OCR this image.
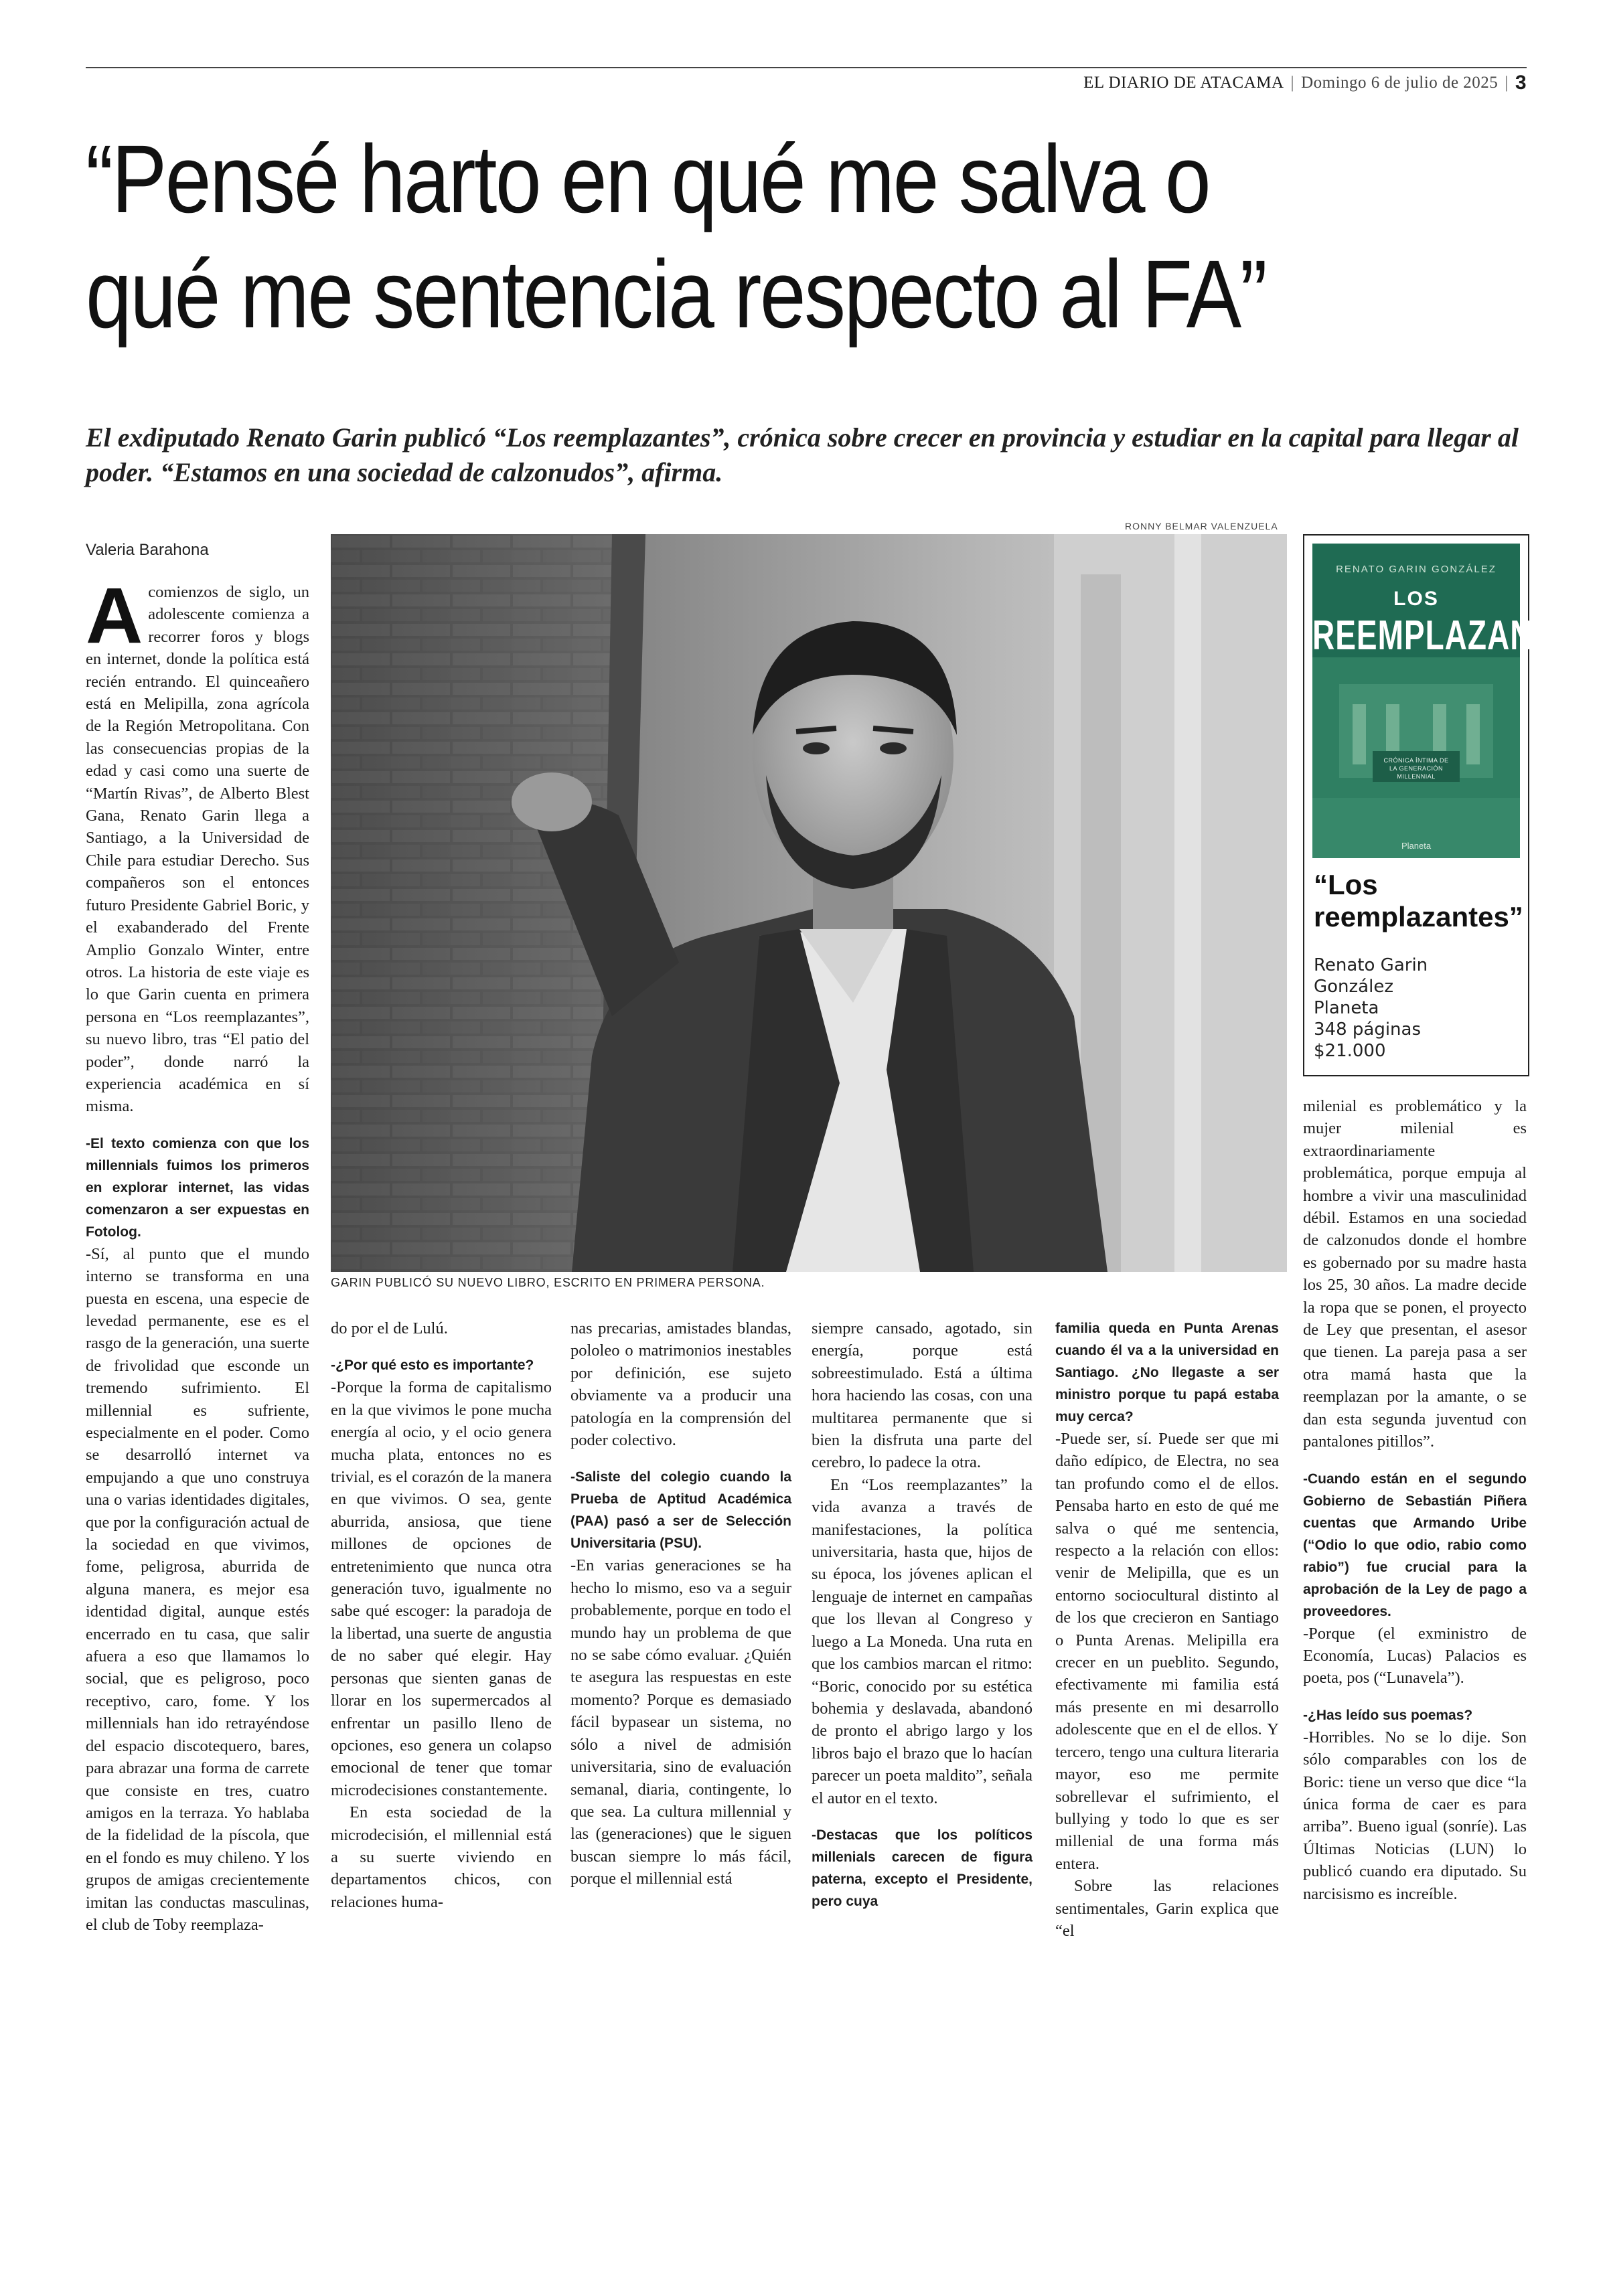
EL DIARIO DE ATACAMA | Domingo 6 de julio de 2025 | 3
“Pensé harto en qué me salva o
qué me sentencia respecto al FA”
El exdiputado Renato Garin publicó “Los reemplazantes”, crónica sobre crecer en provincia y estudiar en la capital para llegar al poder. “Estamos en una sociedad de calzonudos”, afirma.
Valeria Barahona
RONNY BELMAR VALENZUELA
GARIN PUBLICÓ SU NUEVO LIBRO, ESCRITO EN PRIMERA PERSONA.
RENATO GARIN GONZÁLEZ
LOS
REEMPLAZANTES
CRÓNICA ÍNTIMA DE LA GENERACIÓN MILLENNIAL
Planeta
“Los reemplazantes”
Renato Garin
González
Planeta
348 páginas
$21.000

Acomienzos de siglo, un adolescente comienza a recorrer foros y blogs en internet, donde la política está recién entrando. El quinceañero está en Melipilla, zona agrícola de la Región Metropolitana. Con las consecuencias propias de la edad y casi como una suerte de “Martín Rivas”, de Alberto Blest Gana, Renato Garin llega a Santiago, a la Universidad de Chile para estudiar Derecho. Sus compañeros son el entonces futuro Presidente Gabriel Boric, y el exabanderado del Frente Amplio Gonzalo Winter, entre otros. La historia de este viaje es lo que Garin cuenta en primera persona en “Los reemplazantes”, su nuevo libro, tras “El patio del poder”, donde narró la experiencia académica en sí misma.

-El texto comienza con que los millennials fuimos los primeros en explorar internet, las vidas comenzaron a ser expuestas en Fotolog.

-Sí, al punto que el mundo interno se transforma en una puesta en escena, una especie de levedad permanente, ese es el rasgo de la generación, una suerte de frivolidad que esconde un tremendo sufrimiento. El millennial es sufriente, especialmente en el poder. Como se desarrolló internet va empujando a que uno construya una o varias identidades digitales, que por la configuración actual de la sociedad en que vivimos, fome, peligrosa, aburrida de alguna manera, es mejor esa identidad digital, aunque estés encerrado en tu casa, que salir afuera a eso que llamamos lo social, que es peligroso, poco receptivo, caro, fome. Y los millennials han ido retrayéndose del espacio discotequero, bares, para abrazar una forma de carrete que consiste en tres, cuatro amigos en la terraza. Yo hablaba de la fidelidad de la píscola, que en el fondo es muy chileno. Y los grupos de amigas crecientemente imitan las conductas masculinas, el club de Toby reemplaza-

do por el de Lulú.

-¿Por qué esto es importante?

-Porque la forma de capitalismo en la que vivimos le pone mucha energía al ocio, y el ocio genera mucha plata, entonces no es trivial, es el corazón de la manera en que vivimos. O sea, gente aburrida, ansiosa, que tiene millones de opciones de entretenimiento que nunca otra generación tuvo, igualmente no sabe qué escoger: la paradoja de la libertad, una suerte de angustia de no saber qué elegir. Hay personas que sienten ganas de llorar en los supermercados al enfrentar un pasillo lleno de opciones, eso genera un colapso emocional de tener que tomar microdecisiones constantemente.

En esta sociedad de la microdecisión, el millennial está a su suerte viviendo en departamentos chicos, con relaciones huma-

nas precarias, amistades blandas, pololeo o matrimonios inestables por definición, ese sujeto obviamente va a producir una patología en la comprensión del poder colectivo.

-Saliste del colegio cuando la Prueba de Aptitud Académica (PAA) pasó a ser de Selección Universitaria (PSU).

-En varias generaciones se ha hecho lo mismo, eso va a seguir probablemente, porque en todo el mundo hay un problema de que no se sabe cómo evaluar. ¿Quién te asegura las respuestas en este momento? Porque es demasiado fácil bypasear un sistema, no sólo a nivel de admisión universitaria, sino de evaluación semanal, diaria, contingente, lo que sea. La cultura millennial y las (generaciones) que le siguen buscan siempre lo más fácil, porque el millennial está

siempre cansado, agotado, sin energía, porque está sobreestimulado. Está a última hora haciendo las cosas, con una multitarea permanente que si bien la disfruta una parte del cerebro, lo padece la otra.

En “Los reemplazantes” la vida avanza a través de manifestaciones, la política universitaria, hasta que, hijos de su época, los jóvenes aplican el lenguaje de internet en campañas que los llevan al Congreso y luego a La Moneda. Una ruta en que los cambios marcan el ritmo: “Boric, conocido por su estética bohemia y deslavada, abandonó de pronto el abrigo largo y los libros bajo el brazo que lo hacían parecer un poeta maldito”, señala el autor en el texto.

-Destacas que los políticos millenials carecen de figura paterna, excepto el Presidente, pero cuya

familia queda en Punta Arenas cuando él va a la universidad en Santiago. ¿No llegaste a ser ministro porque tu papá estaba muy cerca?

-Puede ser, sí. Puede ser que mi daño edípico, de Electra, no sea tan profundo como el de ellos. Pensaba harto en esto de qué me salva o qué me sentencia, respecto a la relación con ellos: venir de Melipilla, que es un entorno sociocultural distinto al de los que crecieron en Santiago o Punta Arenas. Melipilla era crecer en un pueblito. Segundo, efectivamente mi familia está más presente en mi desarrollo adolescente que en el de ellos. Y tercero, tengo una cultura literaria mayor, eso me permite sobrellevar el sufrimiento, el bullying y todo lo que es ser millenial de una forma más entera.

Sobre las relaciones sentimentales, Garin explica que “el

milenial es problemático y la mujer milenial es extraordinariamente problemática, porque empuja al hombre a vivir una masculinidad débil. Estamos en una sociedad de calzonudos donde el hombre es gobernado por su madre hasta los 25, 30 años. La madre decide la ropa que se ponen, el proyecto de Ley que presentan, el asesor que tienen. La pareja pasa a ser otra mamá hasta que la reemplazan por la amante, o se dan esta segunda juventud con pantalones pitillos”.

-Cuando están en el segundo Gobierno de Sebastián Piñera cuentas que Armando Uribe (“Odio lo que odio, rabio como rabio”) fue crucial para la aprobación de la Ley de pago a proveedores.

-Porque (el exministro de Economía, Lucas) Palacios es poeta, pos (“Lunavela”).

-¿Has leído sus poemas?

-Horribles. No se lo dije. Son sólo comparables con los de Boric: tiene un verso que dice “la única forma de caer es para arriba”. Bueno igual (sonríe). Las Últimas Noticias (LUN) lo publicó cuando era diputado. Su narcisismo es increíble.
